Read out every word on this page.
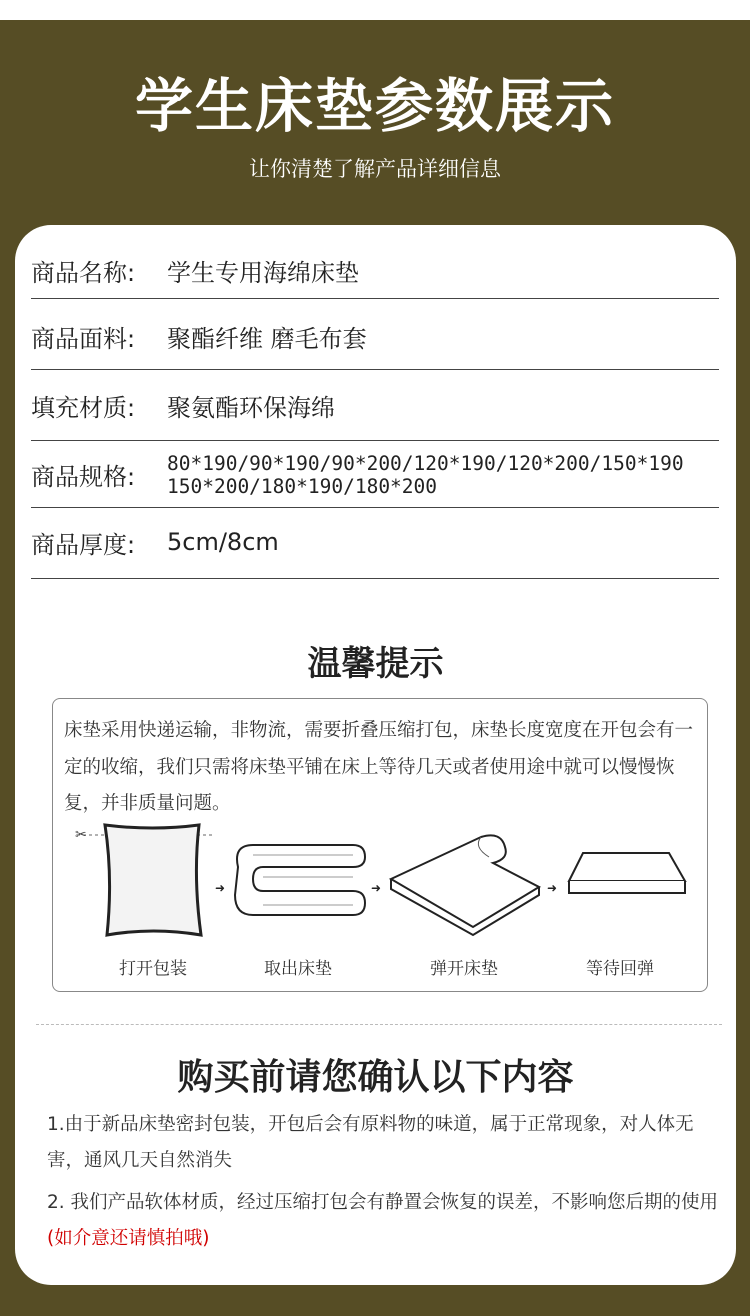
学生床垫参数展示
让你清楚了解产品详细信息
商品名称: 学生专用海绵床垫
商品面料: 聚酯纤维 磨毛布套
填充材质: 聚氨酯环保海绵
商品规格: 80*190/90*190/90*200/120*190/120*200/150*190
150*200/180*190/180*200
商品厚度: 5cm/8cm
温馨提示
床垫采用快递运输，非物流，需要折叠压缩打包，床垫长度宽度在开包会有一定的收缩，我们只需将床垫平铺在床上等待几天或者使用途中就可以慢慢恢复，并非质量问题。
✂
➜	➜	➜
打开包装	取出床垫	弹开床垫	等待回弹
购买前请您确认以下内容
1.由于新品床垫密封包装，开包后会有原料物的味道，属于正常现象，对人体无害，通风几天自然消失
2. 我们产品软体材质，经过压缩打包会有静置会恢复的误差，不影响您后期的使用(如介意还请慎拍哦)
